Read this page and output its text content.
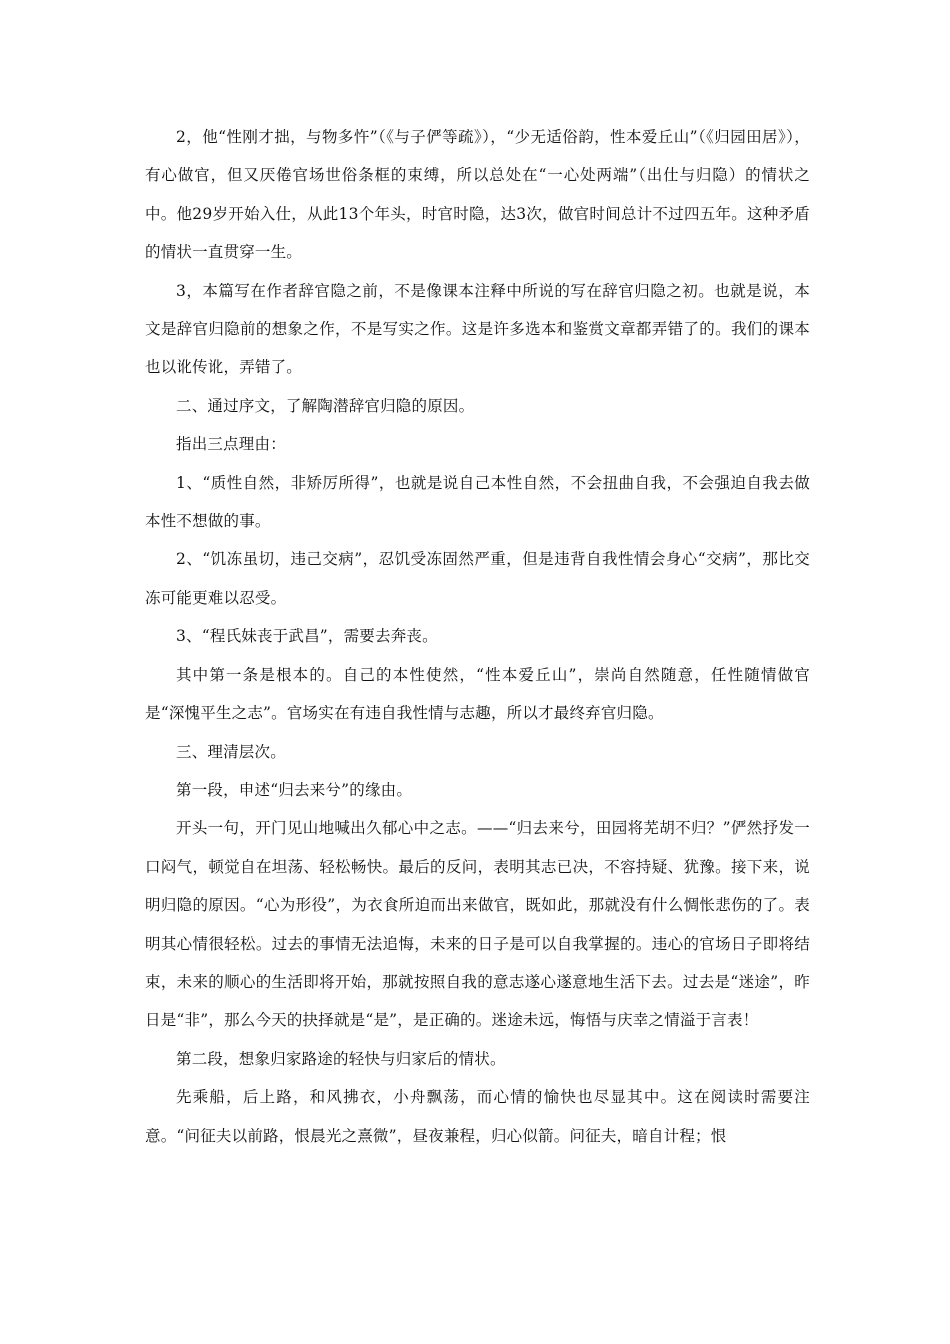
2，他“性刚才拙，与物多忤”（《与子俨等疏》），“少无适俗韵，性本爱丘山”（《归园田居》），有心做官，但又厌倦官场世俗条框的束缚，所以总处在“一心处两端”（出仕与归隐）的情状之中。他29岁开始入仕，从此13个年头，时官时隐，达3次，做官时间总计不过四五年。这种矛盾的情状一直贯穿一生。

3，本篇写在作者辞官隐之前，不是像课本注释中所说的写在辞官归隐之初。也就是说，本文是辞官归隐前的想象之作，不是写实之作。这是许多选本和鉴赏文章都弄错了的。我们的课本也以讹传讹，弄错了。

二、通过序文，了解陶潜辞官归隐的原因。

指出三点理由：

1、“质性自然，非矫厉所得”，也就是说自己本性自然，不会扭曲自我，不会强迫自我去做本性不想做的事。

2、“饥冻虽切，违己交病”，忍饥受冻固然严重，但是违背自我性情会身心“交病”，那比交冻可能更难以忍受。

3、“程氏妹丧于武昌”，需要去奔丧。

其中第一条是根本的。自己的本性使然，“性本爱丘山”，崇尚自然随意，任性随情做官是“深愧平生之志”。官场实在有违自我性情与志趣，所以才最终弃官归隐。

三、理清层次。

第一段，申述“归去来兮”的缘由。

开头一句，开门见山地喊出久郁心中之志。——“归去来兮，田园将芜胡不归？”俨然抒发一口闷气，顿觉自在坦荡、轻松畅快。最后的反问，表明其志已决，不容持疑、犹豫。接下来，说明归隐的原因。“心为形役”，为衣食所迫而出来做官，既如此，那就没有什么惆怅悲伤的了。表明其心情很轻松。过去的事情无法追悔，未来的日子是可以自我掌握的。违心的官场日子即将结束，未来的顺心的生活即将开始，那就按照自我的意志遂心遂意地生活下去。过去是“迷途”，昨日是“非”，那么今天的抉择就是“是”，是正确的。迷途未远，悔悟与庆幸之情溢于言表！

第二段，想象归家路途的轻快与归家后的情状。

先乘船，后上路，和风拂衣，小舟飘荡，而心情的愉快也尽显其中。这在阅读时需要注意。“问征夫以前路，恨晨光之熹微”，昼夜兼程，归心似箭。问征夫，暗自计程；恨
